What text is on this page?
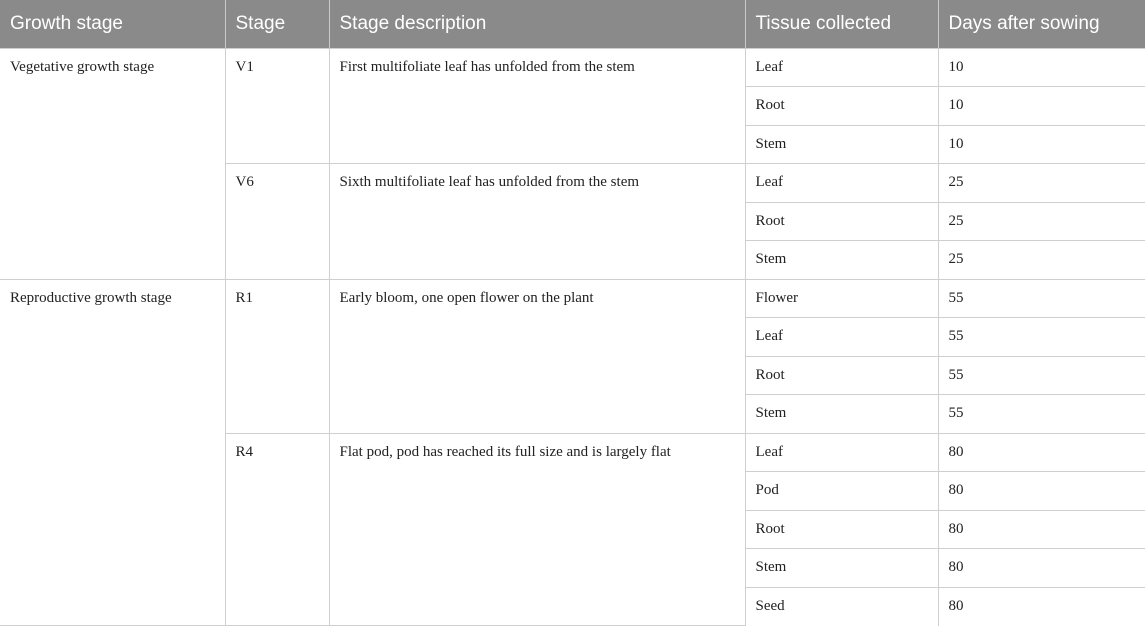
Growth stage	Stage	Stage description	Tissue collected	Days after sowing
Vegetative growth stage	V1	First multifoliate leaf has unfolded from the stem	Leaf	10
			Root	10
			Stem	10
	V6	Sixth multifoliate leaf has unfolded from the stem	Leaf	25
			Root	25
			Stem	25
Reproductive growth stage	R1	Early bloom, one open flower on the plant	Flower	55
			Leaf	55
			Root	55
			Stem	55
	R4	Flat pod, pod has reached its full size and is largely flat	Leaf	80
			Pod	80
			Root	80
			Stem	80
			Seed	80
